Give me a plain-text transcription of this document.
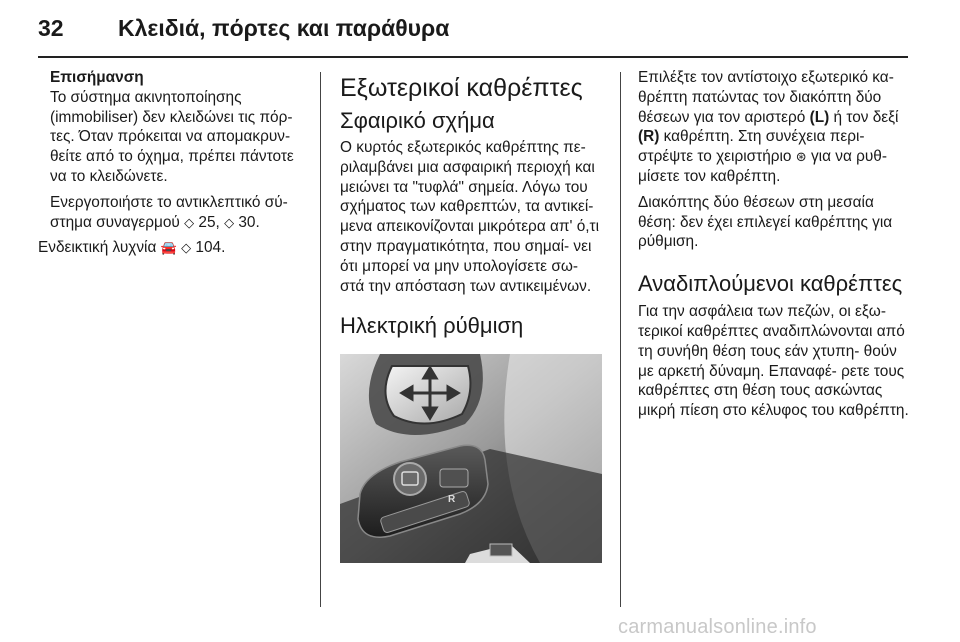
32 Κλειδιά, πόρτες και παράθυρα
Επισήμανση

Το σύστημα ακινητοποίησης (immobiliser) δεν κλειδώνει τις πόρ- τες. Όταν πρόκειται να απομακρυν- θείτε από το όχημα, πρέπει πάντοτε να το κλειδώνετε.

Ενεργοποιήστε το αντικλεπτικό σύ- στημα συναγερμού ◇ 25, ◇ 30.

Ενδεικτική λυχνία 🚘 ◇ 104.

Εξωτερικοί καθρέπτες
Σφαιρικό σχήμα

Ο κυρτός εξωτερικός καθρέπτης πε- ριλαμβάνει μια ασφαιρική περιοχή και μειώνει τα "τυφλά" σημεία. Λόγω του σχήματος των καθρεπτών, τα αντικεί- μενα απεικονίζονται μικρότερα απ' ό,τι στην πραγματικότητα, που σημαί- νει ότι μπορεί να μην υπολογίσετε σω- στά την απόσταση των αντικειμένων.

Ηλεκτρική ρύθμιση
R

Επιλέξτε τον αντίστοιχο εξωτερικό κα- θρέπτη πατώντας τον διακόπτη δύο θέσεων για τον αριστερό (L) ή τον δεξί (R) καθρέπτη. Στη συνέχεια περι- στρέψτε το χειριστήριο ⊛ για να ρυθ- μίσετε τον καθρέπτη.

Διακόπτης δύο θέσεων στη μεσαία θέση: δεν έχει επιλεγεί καθρέπτης για ρύθμιση.

Αναδιπλούμενοι καθρέπτες

Για την ασφάλεια των πεζών, οι εξω- τερικοί καθρέπτες αναδιπλώνονται από τη συνήθη θέση τους εάν χτυπη- θούν με αρκετή δύναμη. Επαναφέ- ρετε τους καθρέπτες στη θέση τους ασκώντας μικρή πίεση στο κέλυφος του καθρέπτη.

carmanualsonline.info
